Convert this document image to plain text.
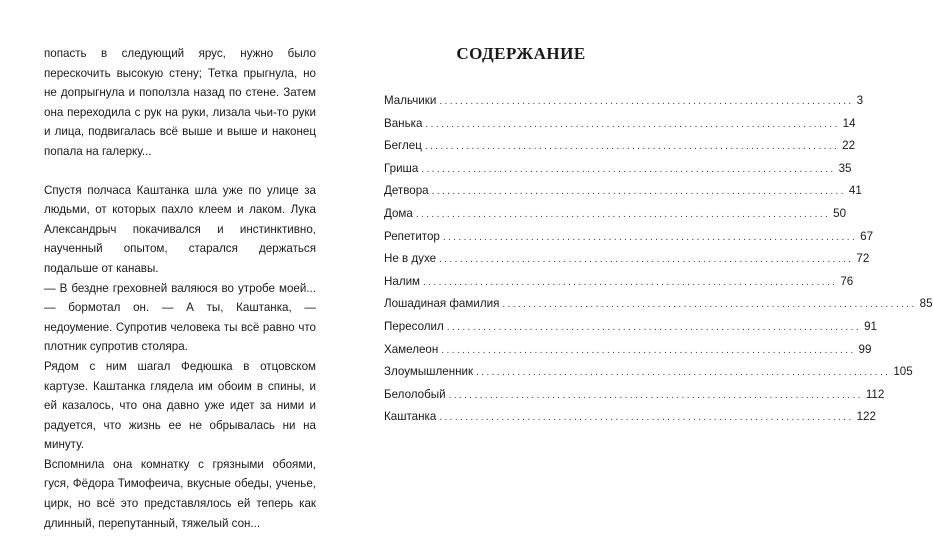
попасть в следующий ярус, нужно было перескочить высокую стену; Тетка прыгнула, но не допрыгнула и поползла назад по стене. Затем она переходила с рук на руки, лизала чьи-то руки и лица, подвигалась всё выше и выше и наконец попала на галерку...

Спустя полчаса Каштанка шла уже по улице за людьми, от которых пахло клеем и лаком. Лука Александрыч покачивался и инстинктивно, наученный опытом, старался держаться подальше от канавы.

— В бездне греховней валяюся во утробе моей... — бормотал он. — А ты, Каштанка, — недоумение. Супротив человека ты всё равно что плотник супротив столяра.

Рядом с ним шагал Федюшка в отцовском картузе. Каштанка глядела им обоим в спины, и ей казалось, что она давно уже идет за ними и радуется, что жизнь ее не обрывалась ни на минуту.

Вспомнила она комнатку с грязными обоями, гуся, Фёдора Тимофеича, вкусные обеды, ученье, цирк, но всё это представлялось ей теперь как длинный, перепутанный, тяжелый сон...

СОДЕРЖАНИЕ
Мальчики ................................................................................ 3
Ванька ................................................................................ 14
Беглец ................................................................................ 22
Гриша ................................................................................ 35
Детвора ................................................................................ 41
Дома ................................................................................ 50
Репетитор ................................................................................ 67
Не в духе ................................................................................ 72
Налим ................................................................................ 76
Лошадиная фамилия ................................................................................ 85
Пересолил ................................................................................ 91
Хамелеон ................................................................................ 99
Злоумышленник ................................................................................ 105
Белолобый ................................................................................ 112
Каштанка ................................................................................ 122
